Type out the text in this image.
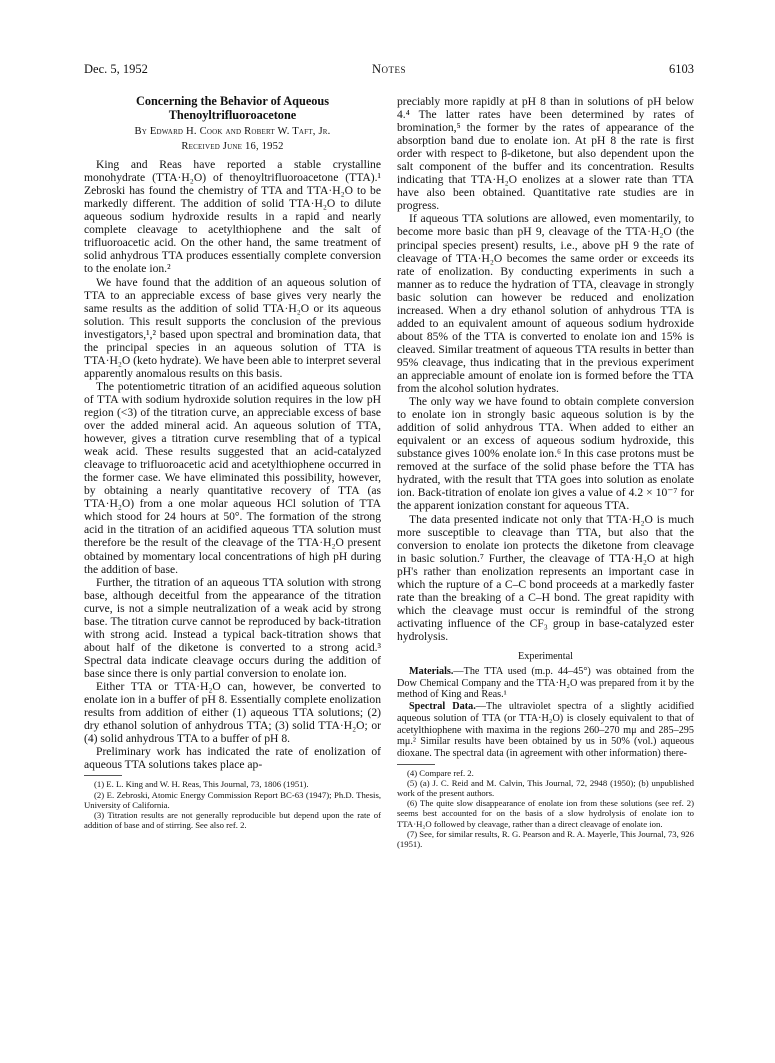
Dec. 5, 1952	Notes	6103
Concerning the Behavior of Aqueous Thenoyltrifluoroacetone
By Edward H. Cook and Robert W. Taft, Jr.
Received June 16, 1952

King and Reas have reported a stable crystalline monohydrate (TTA·H₂O) of thenoyltrifluoroacetone (TTA).¹ Zebroski has found the chemistry of TTA and TTA·H₂O to be markedly different. The addition of solid TTA·H₂O to dilute aqueous sodium hydroxide results in a rapid and nearly complete cleavage to acetylthiophene and the salt of trifluoroacetic acid. On the other hand, the same treatment of solid anhydrous TTA produces essentially complete conversion to the enolate ion.²

We have found that the addition of an aqueous solution of TTA to an appreciable excess of base gives very nearly the same results as the addition of solid TTA·H₂O or its aqueous solution. This result supports the conclusion of the previous investigators,¹,² based upon spectral and bromination data, that the principal species in an aqueous solution of TTA is TTA·H₂O (keto hydrate). We have been able to interpret several apparently anomalous results on this basis.

The potentiometric titration of an acidified aqueous solution of TTA with sodium hydroxide solution requires in the low pH region (<3) of the titration curve, an appreciable excess of base over the added mineral acid. An aqueous solution of TTA, however, gives a titration curve resembling that of a typical weak acid. These results suggested that an acid-catalyzed cleavage to trifluoroacetic acid and acetylthiophene occurred in the former case. We have eliminated this possibility, however, by obtaining a nearly quantitative recovery of TTA (as TTA·H₂O) from a one molar aqueous HCl solution of TTA which stood for 24 hours at 50°. The formation of the strong acid in the titration of an acidified aqueous TTA solution must therefore be the result of the cleavage of the TTA·H₂O present obtained by momentary local concentrations of high pH during the addition of base.

Further, the titration of an aqueous TTA solution with strong base, although deceitful from the appearance of the titration curve, is not a simple neutralization of a weak acid by strong base. The titration curve cannot be reproduced by back-titration with strong acid. Instead a typical back-titration shows that about half of the diketone is converted to a strong acid.³ Spectral data indicate cleavage occurs during the addition of base since there is only partial conversion to enolate ion.

Either TTA or TTA·H₂O can, however, be converted to enolate ion in a buffer of pH 8. Essentially complete enolization results from addition of either (1) aqueous TTA solutions; (2) dry ethanol solution of anhydrous TTA; (3) solid TTA·H₂O; or (4) solid anhydrous TTA to a buffer of pH 8.

Preliminary work has indicated the rate of enolization of aqueous TTA solutions takes place ap-

(1) E. L. King and W. H. Reas, This Journal, 73, 1806 (1951).

(2) E. Zebroski, Atomic Energy Commission Report BC-63 (1947); Ph.D. Thesis, University of California.

(3) Titration results are not generally reproducible but depend upon the rate of addition of base and of stirring. See also ref. 2.

preciably more rapidly at pH 8 than in solutions of pH below 4.⁴ The latter rates have been determined by rates of bromination,⁵ the former by the rates of appearance of the absorption band due to enolate ion. At pH 8 the rate is first order with respect to β-diketone, but also dependent upon the salt component of the buffer and its concentration. Results indicating that TTA·H₂O enolizes at a slower rate than TTA have also been obtained. Quantitative rate studies are in progress.

If aqueous TTA solutions are allowed, even momentarily, to become more basic than pH 9, cleavage of the TTA·H₂O (the principal species present) results, i.e., above pH 9 the rate of cleavage of TTA·H₂O becomes the same order or exceeds its rate of enolization. By conducting experiments in such a manner as to reduce the hydration of TTA, cleavage in strongly basic solution can however be reduced and enolization increased. When a dry ethanol solution of anhydrous TTA is added to an equivalent amount of aqueous sodium hydroxide about 85% of the TTA is converted to enolate ion and 15% is cleaved. Similar treatment of aqueous TTA results in better than 95% cleavage, thus indicating that in the previous experiment an appreciable amount of enolate ion is formed before the TTA from the alcohol solution hydrates.

The only way we have found to obtain complete conversion to enolate ion in strongly basic aqueous solution is by the addition of solid anhydrous TTA. When added to either an equivalent or an excess of aqueous sodium hydroxide, this substance gives 100% enolate ion.⁶ In this case protons must be removed at the surface of the solid phase before the TTA has hydrated, with the result that TTA goes into solution as enolate ion. Back-titration of enolate ion gives a value of 4.2 × 10⁻⁷ for the apparent ionization constant for aqueous TTA.

The data presented indicate not only that TTA·H₂O is much more susceptible to cleavage than TTA, but also that the conversion to enolate ion protects the diketone from cleavage in basic solution.⁷ Further, the cleavage of TTA·H₂O at high pH's rather than enolization represents an important case in which the rupture of a C–C bond proceeds at a markedly faster rate than the breaking of a C–H bond. The great rapidity with which the cleavage must occur is remindful of the strong activating influence of the CF₃ group in base-catalyzed ester hydrolysis.

Experimental

Materials.—The TTA used (m.p. 44–45°) was obtained from the Dow Chemical Company and the TTA·H₂O was prepared from it by the method of King and Reas.¹

Spectral Data.—The ultraviolet spectra of a slightly acidified aqueous solution of TTA (or TTA·H₂O) is closely equivalent to that of acetylthiophene with maxima in the regions 260–270 mμ and 285–295 mμ.² Similar results have been obtained by us in 50% (vol.) aqueous dioxane. The spectral data (in agreement with other information) there-

(4) Compare ref. 2.

(5) (a) J. C. Reid and M. Calvin, This Journal, 72, 2948 (1950); (b) unpublished work of the present authors.

(6) The quite slow disappearance of enolate ion from these solutions (see ref. 2) seems best accounted for on the basis of a slow hydrolysis of enolate ion to TTA·H₂O followed by cleavage, rather than a direct cleavage of enolate ion.

(7) See, for similar results, R. G. Pearson and R. A. Mayerle, This Journal, 73, 926 (1951).
